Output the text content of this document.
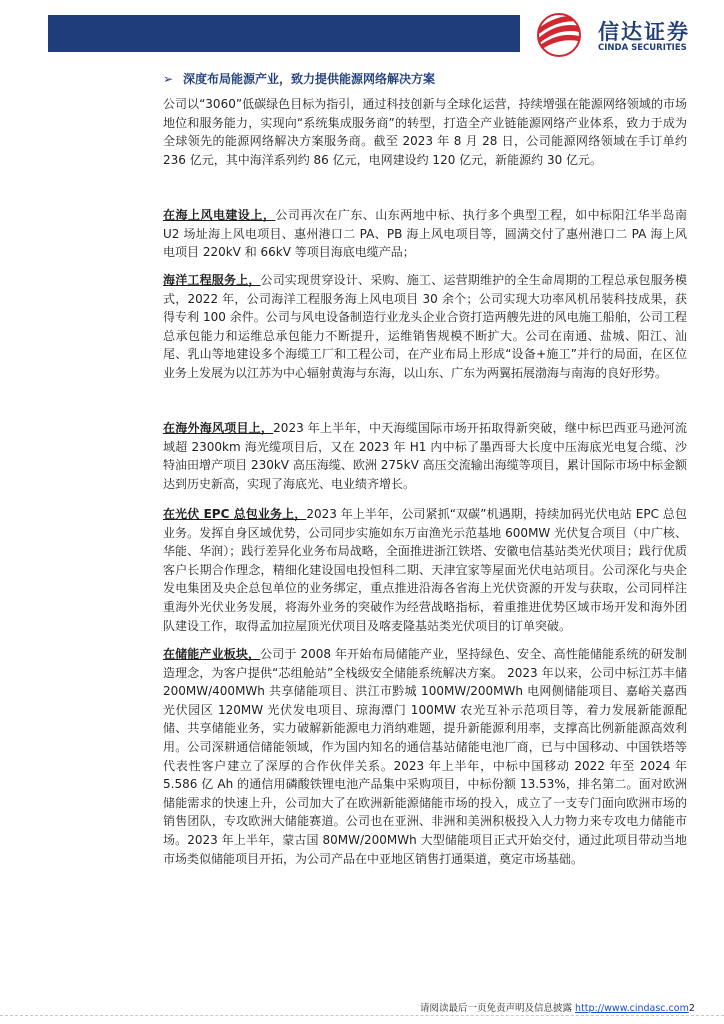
信达证券
CINDA SECURITIES
➢ 深度布局能源产业，致力提供能源网络解决方案

公司以“3060”低碳绿色目标为指引，通过科技创新与全球化运营，持续增强在能源网络领域的市场地位和服务能力，实现向“系统集成服务商”的转型，打造全产业链能源网络产业体系，致力于成为全球领先的能源网络解决方案服务商。截至 2023 年 8 月 28 日，公司能源网络领域在手订单约 236 亿元，其中海洋系列约 86 亿元，电网建设约 120 亿元，新能源约 30 亿元。

在海上风电建设上，公司再次在广东、山东两地中标、执行多个典型工程，如中标阳江华半岛南 U2 场址海上风电项目、惠州港口二 PA、PB 海上风电项目等，圆满交付了惠州港口二 PA 海上风电项目 220kV 和 66kV 等项目海底电缆产品；

海洋工程服务上，公司实现贯穿设计、采购、施工、运营期维护的全生命周期的工程总承包服务模式，2022 年，公司海洋工程服务海上风电项目 30 余个；公司实现大功率风机吊装科技成果，获得专利 100 余件。公司与风电设备制造行业龙头企业合资打造两艘先进的风电施工船舶，公司工程总承包能力和运维总承包能力不断提升，运维销售规模不断扩大。公司在南通、盐城、阳江、汕尾、乳山等地建设多个海缆工厂和工程公司，在产业布局上形成“设备+施工”并行的局面，在区位业务上发展为以江苏为中心辐射黄海与东海，以山东、广东为两翼拓展渤海与南海的良好形势。

在海外海风项目上，2023 年上半年，中天海缆国际市场开拓取得新突破，继中标巴西亚马逊河流域超 2300km 海光缆项目后，又在 2023 年 H1 内中标了墨西哥大长度中压海底光电复合缆、沙特油田增产项目 230kV 高压海缆、欧洲 275kV 高压交流输出海缆等项目，累计国际市场中标金额达到历史新高，实现了海底光、电业绩齐增长。

在光伏 EPC 总包业务上，2023 年上半年，公司紧抓“双碳”机遇期，持续加码光伏电站 EPC 总包业务。发挥自身区域优势，公司同步实施如东万亩渔光示范基地 600MW 光伏复合项目（中广核、华能、华润）；践行差异化业务布局战略，全面推进浙江铁塔、安徽电信基站类光伏项目；践行优质客户长期合作理念，精细化建设国电投恒科二期、天津宜家等屋面光伏电站项目。公司深化与央企发电集团及央企总包单位的业务绑定，重点推进沿海各省海上光伏资源的开发与获取，公司同样注重海外光伏业务发展，将海外业务的突破作为经营战略指标，着重推进优势区域市场开发和海外团队建设工作，取得孟加拉屋顶光伏项目及喀麦隆基站类光伏项目的订单突破。

在储能产业板块，公司于 2008 年开始布局储能产业，坚持绿色、安全、高性能储能系统的研发制造理念，为客户提供“芯组舱站”全栈级安全储能系统解决方案。 2023 年以来，公司中标江苏丰储 200MW/400MWh 共享储能项目、洪江市黔城 100MW/200MWh 电网侧储能项目、嘉峪关嘉西光伏园区 120MW 光伏发电项目、琼海潭门 100MW 农光互补示范项目等，着力发展新能源配储、共享储能业务，实力破解新能源电力消纳难题，提升新能源利用率，支撑高比例新能源高效利用。公司深耕通信储能领域，作为国内知名的通信基站储能电池厂商，已与中国移动、中国铁塔等代表性客户建立了深厚的合作伙伴关系。2023 年上半年，中标中国移动 2022 年至 2024 年 5.586 亿 Ah 的通信用磷酸铁锂电池产品集中采购项目，中标份额 13.53%，排名第二。面对欧洲储能需求的快速上升，公司加大了在欧洲新能源储能市场的投入，成立了一支专门面向欧洲市场的销售团队，专攻欧洲大储能赛道。公司也在亚洲、非洲和美洲积极投入人力物力来专攻电力储能市场。2023 年上半年，蒙古国 80MW/200MWh 大型储能项目正式开始交付，通过此项目带动当地市场类似储能项目开拓，为公司产品在中亚地区销售打通渠道，奠定市场基础。

请阅读最后一页免责声明及信息披露 http://www.cindasc.com2
